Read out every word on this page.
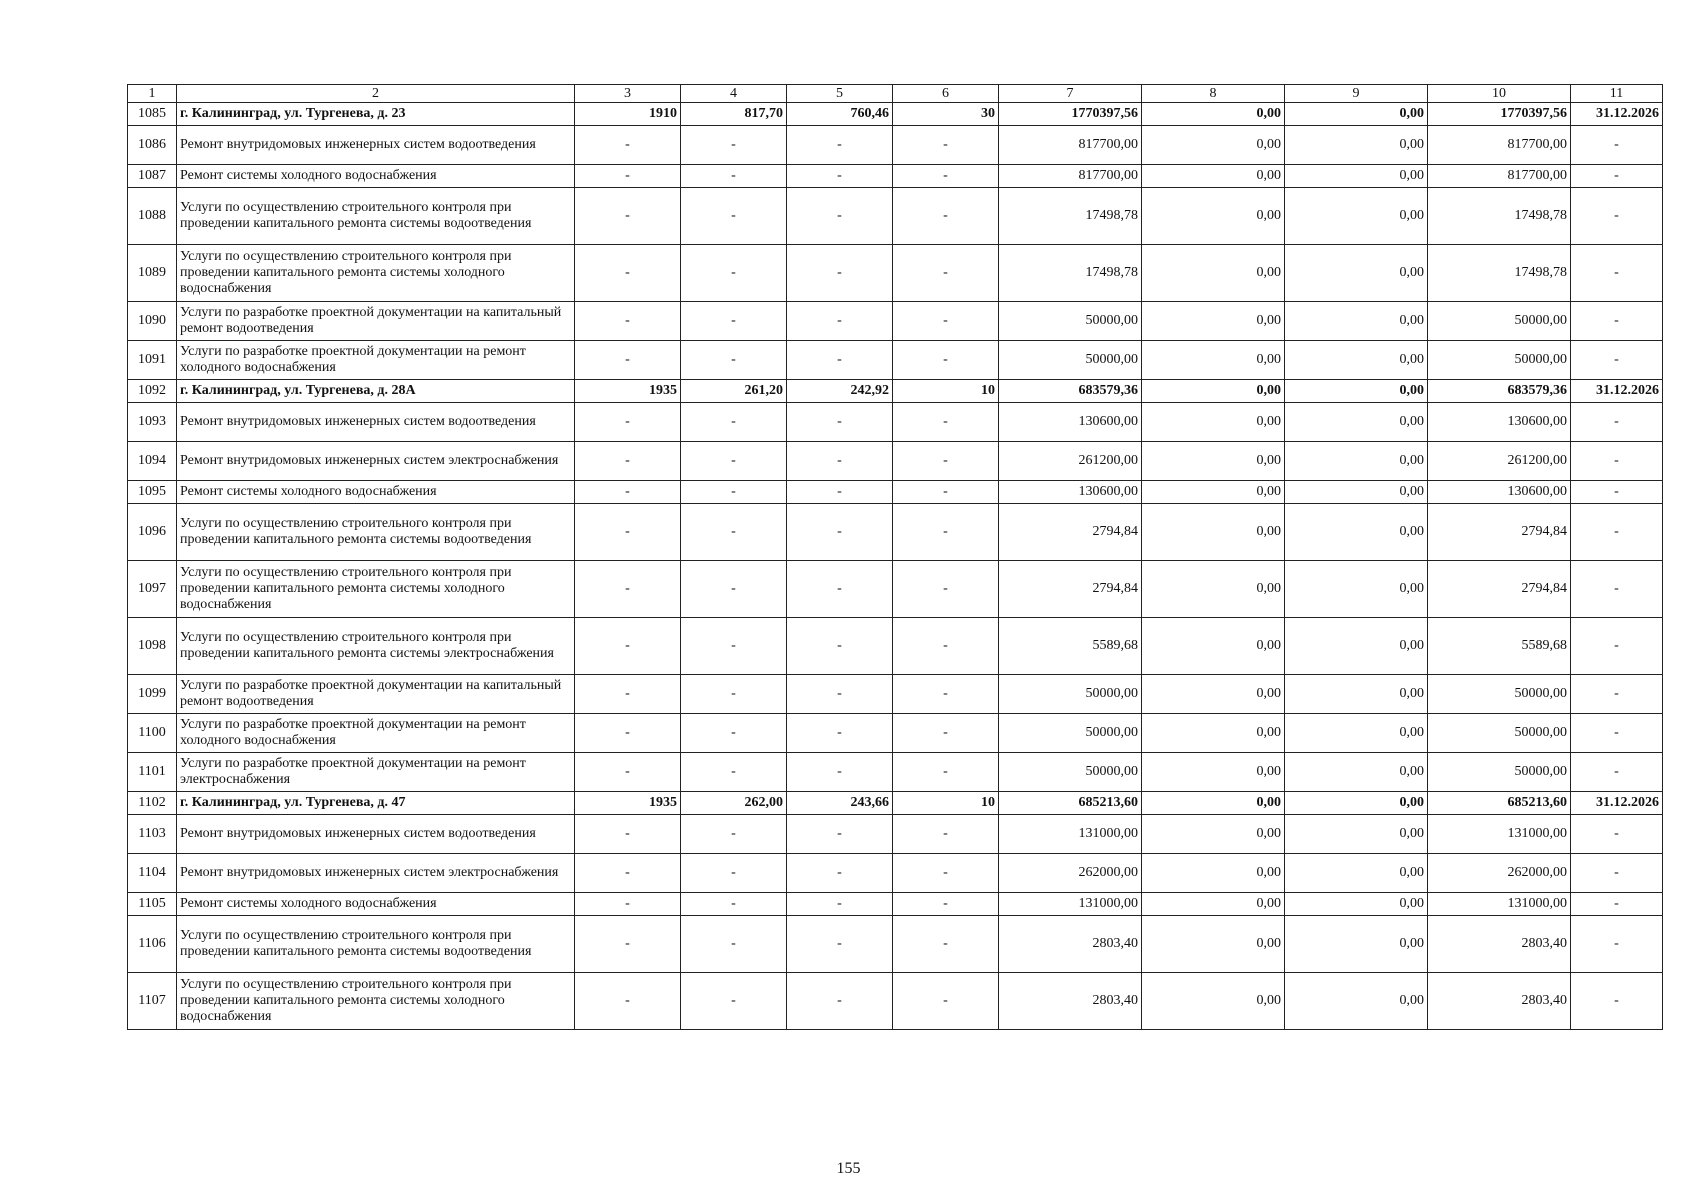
1	2	3	4	5	6	7	8	9	10	11
1085	г. Калининград, ул. Тургенева, д. 23	1910	817,70	760,46	30	1770397,56	0,00	0,00	1770397,56	31.12.2026
1086	Ремонт внутридомовых инженерных систем водоотведения	-	-	-	-	817700,00	0,00	0,00	817700,00	-
1087	Ремонт системы холодного водоснабжения	-	-	-	-	817700,00	0,00	0,00	817700,00	-
1088	Услуги по осуществлению строительного контроля при проведении капитального ремонта системы водоотведения	-	-	-	-	17498,78	0,00	0,00	17498,78	-
1089	Услуги по осуществлению строительного контроля при проведении капитального ремонта системы холодного водоснабжения	-	-	-	-	17498,78	0,00	0,00	17498,78	-
1090	Услуги по разработке проектной документации на капитальный ремонт водоотведения	-	-	-	-	50000,00	0,00	0,00	50000,00	-
1091	Услуги по разработке проектной документации на ремонт холодного водоснабжения	-	-	-	-	50000,00	0,00	0,00	50000,00	-
1092	г. Калининград, ул. Тургенева, д. 28А	1935	261,20	242,92	10	683579,36	0,00	0,00	683579,36	31.12.2026
1093	Ремонт внутридомовых инженерных систем водоотведения	-	-	-	-	130600,00	0,00	0,00	130600,00	-
1094	Ремонт внутридомовых инженерных систем электроснабжения	-	-	-	-	261200,00	0,00	0,00	261200,00	-
1095	Ремонт системы холодного водоснабжения	-	-	-	-	130600,00	0,00	0,00	130600,00	-
1096	Услуги по осуществлению строительного контроля при проведении капитального ремонта системы водоотведения	-	-	-	-	2794,84	0,00	0,00	2794,84	-
1097	Услуги по осуществлению строительного контроля при проведении капитального ремонта системы холодного водоснабжения	-	-	-	-	2794,84	0,00	0,00	2794,84	-
1098	Услуги по осуществлению строительного контроля при проведении капитального ремонта системы электроснабжения	-	-	-	-	5589,68	0,00	0,00	5589,68	-
1099	Услуги по разработке проектной документации на капитальный ремонт водоотведения	-	-	-	-	50000,00	0,00	0,00	50000,00	-
1100	Услуги по разработке проектной документации на ремонт холодного водоснабжения	-	-	-	-	50000,00	0,00	0,00	50000,00	-
1101	Услуги по разработке проектной документации на ремонт электроснабжения	-	-	-	-	50000,00	0,00	0,00	50000,00	-
1102	г. Калининград, ул. Тургенева, д. 47	1935	262,00	243,66	10	685213,60	0,00	0,00	685213,60	31.12.2026
1103	Ремонт внутридомовых инженерных систем водоотведения	-	-	-	-	131000,00	0,00	0,00	131000,00	-
1104	Ремонт внутридомовых инженерных систем электроснабжения	-	-	-	-	262000,00	0,00	0,00	262000,00	-
1105	Ремонт системы холодного водоснабжения	-	-	-	-	131000,00	0,00	0,00	131000,00	-
1106	Услуги по осуществлению строительного контроля при проведении капитального ремонта системы водоотведения	-	-	-	-	2803,40	0,00	0,00	2803,40	-
1107	Услуги по осуществлению строительного контроля при проведении капитального ремонта системы холодного водоснабжения	-	-	-	-	2803,40	0,00	0,00	2803,40	-
155
